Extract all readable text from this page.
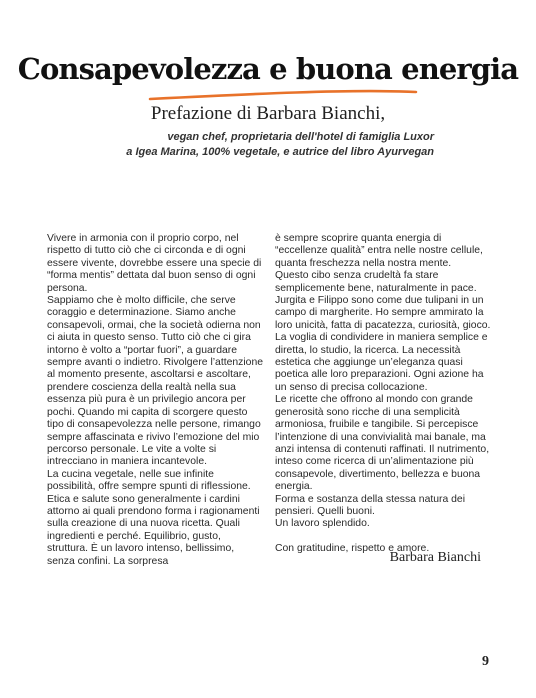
Consapevolezza e buona energia
Prefazione di Barbara Bianchi,
vegan chef, proprietaria dell'hotel di famiglia Luxor
a Igea Marina, 100% vegetale, e autrice del libro Ayurvegan

Vivere in armonia con il proprio corpo, nel rispetto di tutto ciò che ci circonda e di ogni essere vivente, dovrebbe essere una specie di “forma mentis” dettata dal buon senso di ogni persona.

Sappiamo che è molto difficile, che serve coraggio e determinazione. Siamo anche consapevoli, ormai, che la società odierna non ci aiuta in questo senso. Tutto ciò che ci gira intorno è volto a “portar fuori”, a guardare sempre avanti o indietro. Rivolgere l’attenzione al momento presente, ascoltarsi e ascoltare, prendere coscienza della realtà nella sua essenza più pura è un privilegio ancora per pochi. Quando mi capita di scorgere questo tipo di consapevolezza nelle persone, rimango sempre affascinata e rivivo l’emozione del mio percorso personale. Le vite a volte si intrecciano in maniera incantevole.

La cucina vegetale, nelle sue infinite possibilità, offre sempre spunti di riflessione. Etica e salute sono generalmente i cardini attorno ai quali prendono forma i ragionamenti sulla creazione di una nuova ricetta. Quali ingredienti e perché. Equilibrio, gusto, struttura. È un lavoro intenso, bellissimo, senza confini. La sorpresa

è sempre scoprire quanta energia di “eccellenze qualità” entra nelle nostre cellule, quanta freschezza nella nostra mente.

Questo cibo senza crudeltà fa stare semplicemente bene, naturalmente in pace.

Jurgita e Filippo sono come due tulipani in un campo di margherite. Ho sempre ammirato la loro unicità, fatta di pacatezza, curiosità, gioco. La voglia di condividere in maniera semplice e diretta, lo studio, la ricerca. La necessità estetica che aggiunge un’eleganza quasi poetica alle loro preparazioni. Ogni azione ha un senso di precisa collocazione.

Le ricette che offrono al mondo con grande generosità sono ricche di una semplicità armoniosa, fruibile e tangibile. Si percepisce l’intenzione di una convivialità mai banale, ma anzi intensa di contenuti raffinati. Il nutrimento, inteso come ricerca di un’alimentazione più consapevole, divertimento, bellezza e buona energia.

Forma e sostanza della stessa natura dei pensieri. Quelli buoni.

Un lavoro splendido.

Con gratitudine, rispetto e amore.

Barbara Bianchi
9
